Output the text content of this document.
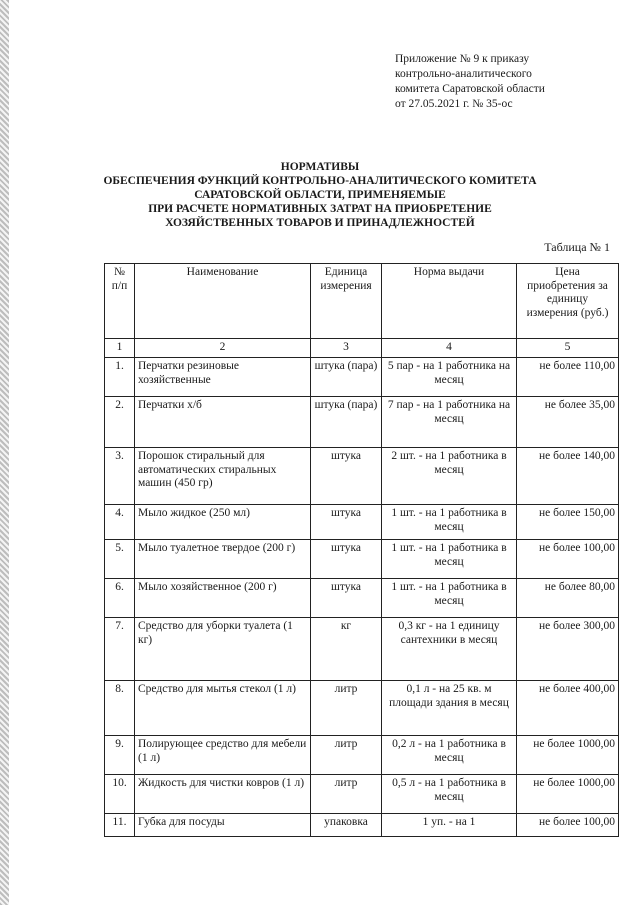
Приложение № 9 к приказу
контрольно-аналитического
комитета Саратовской области
от 27.05.2021 г. № 35-ос
НОРМАТИВЫ
ОБЕСПЕЧЕНИЯ ФУНКЦИЙ КОНТРОЛЬНО-АНАЛИТИЧЕСКОГО КОМИТЕТА
САРАТОВСКОЙ ОБЛАСТИ, ПРИМЕНЯЕМЫЕ
ПРИ РАСЧЕТЕ НОРМАТИВНЫХ ЗАТРАТ НА ПРИОБРЕТЕНИЕ
ХОЗЯЙСТВЕННЫХ ТОВАРОВ И ПРИНАДЛЕЖНОСТЕЙ
Таблица № 1
№ п/п	Наименование	Единица измерения	Норма выдачи	Цена приобретения за единицу измерения (руб.)
1	2	3	4	5
1.	Перчатки резиновые хозяйственные	штука (пара)	5 пар - на 1 работника на месяц	не более 110,00
2.	Перчатки х/б	штука (пара)	7 пар - на 1 работника на месяц	не более 35,00
3.	Порошок стиральный для автоматических стиральных машин (450 гр)	штука	2 шт. - на 1 работника в месяц	не более 140,00
4.	Мыло жидкое (250 мл)	штука	1 шт. - на 1 работника в месяц	не более 150,00
5.	Мыло туалетное твердое (200 г)	штука	1 шт. - на 1 работника в месяц	не более 100,00
6.	Мыло хозяйственное (200 г)	штука	1 шт. - на 1 работника в месяц	не более 80,00
7.	Средство для уборки туалета (1 кг)	кг	0,3 кг - на 1 единицу сантехники в месяц	не более 300,00
8.	Средство для мытья стекол (1 л)	литр	0,1 л - на 25 кв. м площади здания в месяц	не более 400,00
9.	Полирующее средство для мебели (1 л)	литр	0,2 л - на 1 работника в месяц	не более 1000,00
10.	Жидкость для чистки ковров (1 л)	литр	0,5 л - на 1 работника в месяц	не более 1000,00
11.	Губка для посуды	упаковка	1 уп. - на 1	не более 100,00
